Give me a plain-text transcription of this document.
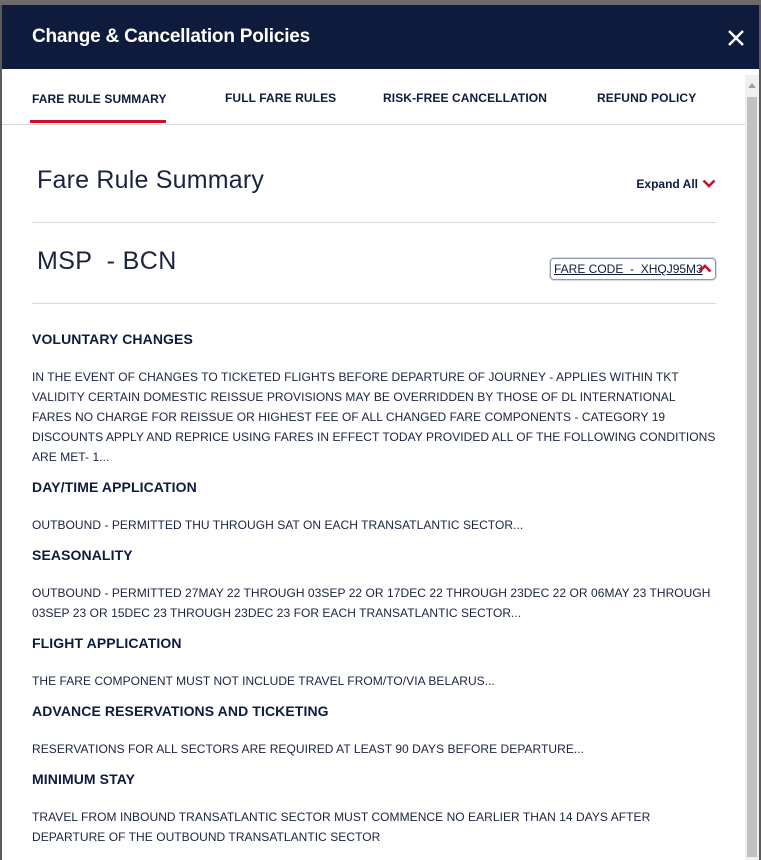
Change & Cancellation Policies
FARE RULE SUMMARY	FULL FARE RULES	RISK-FREE CANCELLATION	REFUND POLICY
Fare Rule Summary	Expand All
MSP  - BCN	FARE CODE - XHQJ95M3

VOLUNTARY CHANGES

IN THE EVENT OF CHANGES TO TICKETED FLIGHTS BEFORE DEPARTURE OF JOURNEY - APPLIES WITHIN TKT VALIDITY CERTAIN DOMESTIC REISSUE PROVISIONS MAY BE OVERRIDDEN BY THOSE OF DL INTERNATIONAL FARES NO CHARGE FOR REISSUE OR HIGHEST FEE OF ALL CHANGED FARE COMPONENTS - CATEGORY 19 DISCOUNTS APPLY AND REPRICE USING FARES IN EFFECT TODAY PROVIDED ALL OF THE FOLLOWING CONDITIONS ARE MET- 1...

DAY/TIME APPLICATION

OUTBOUND - PERMITTED THU THROUGH SAT ON EACH TRANSATLANTIC SECTOR...

SEASONALITY

OUTBOUND - PERMITTED 27MAY 22 THROUGH 03SEP 22 OR 17DEC 22 THROUGH 23DEC 22 OR 06MAY 23 THROUGH 03SEP 23 OR 15DEC 23 THROUGH 23DEC 23 FOR EACH TRANSATLANTIC SECTOR...

FLIGHT APPLICATION

THE FARE COMPONENT MUST NOT INCLUDE TRAVEL FROM/TO/VIA BELARUS...

ADVANCE RESERVATIONS AND TICKETING

RESERVATIONS FOR ALL SECTORS ARE REQUIRED AT LEAST 90 DAYS BEFORE DEPARTURE...

MINIMUM STAY

TRAVEL FROM INBOUND TRANSATLANTIC SECTOR MUST COMMENCE NO EARLIER THAN 14 DAYS AFTER DEPARTURE OF THE OUTBOUND TRANSATLANTIC SECTOR
